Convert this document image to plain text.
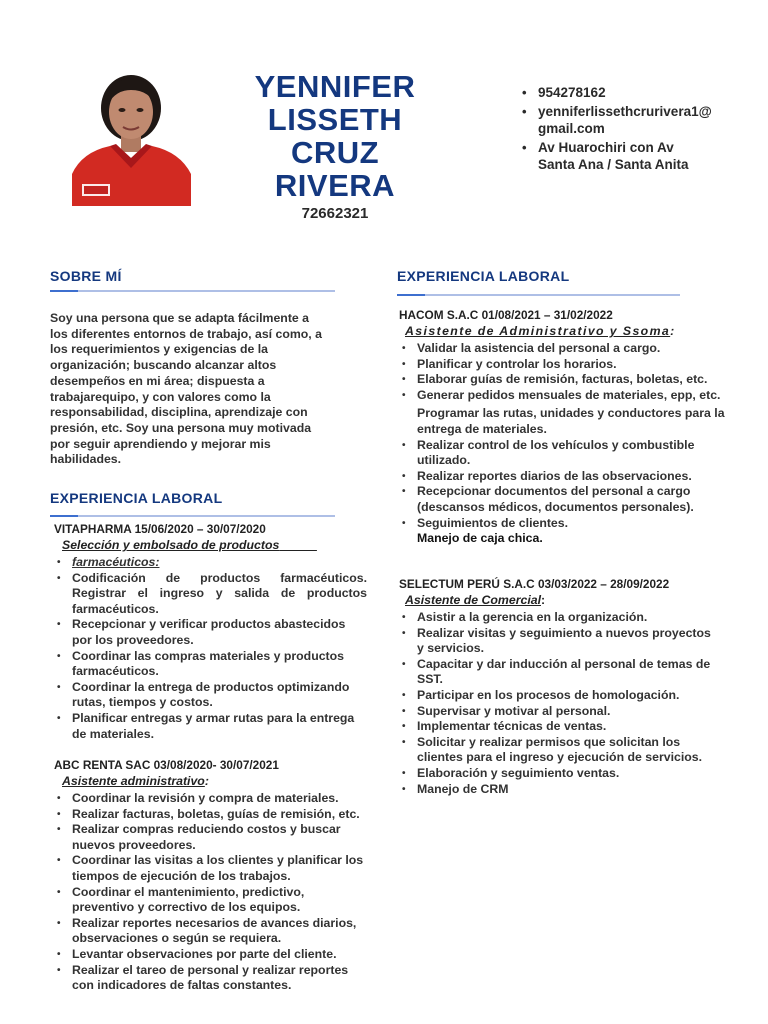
YENNIFER
LISSETH
CRUZ
RIVERA
72662321
• 954278162
• yenniferlissethcrurivera1@ gmail.com
• Av Huarochiri con Av Santa Ana / Santa Anita
SOBRE MÍ
Soy una persona que se adapta fácilmente a los diferentes entornos de trabajo, así como, a los requerimientos y exigencias de la organización; buscando alcanzar altos desempeños en mi área; dispuesta a trabajarequipo, y con valores como la responsabilidad, disciplina, aprendizaje con presión, etc. Soy una persona muy motivada por seguir aprendiendo y mejorar mis habilidades.
EXPERIENCIA LABORAL
VITAPHARMA 15/06/2020 – 30/07/2020
Selección y embolsado de productos
• farmacéuticos:
• Codificación de productos farmacéuticos. Registrar el ingreso y salida de productos farmacéuticos.
• Recepcionar y verificar productos abastecidos por los proveedores.
• Coordinar las compras materiales y productos farmacéuticos.
• Coordinar la entrega de productos optimizando rutas, tiempos y costos.
• Planificar entregas y armar rutas para la entrega de materiales.
ABC RENTA SAC 03/08/2020- 30/07/2021
Asistente administrativo:
• Coordinar la revisión y compra de materiales.
• Realizar facturas, boletas, guías de remisión, etc.
• Realizar compras reduciendo costos y buscar nuevos proveedores.
• Coordinar las visitas a los clientes y planificar los tiempos de ejecución de los trabajos.
• Coordinar el mantenimiento, predictivo, preventivo y correctivo de los equipos.
• Realizar reportes necesarios de avances diarios, observaciones o según se requiera.
• Levantar observaciones por parte del cliente.
• Realizar el tareo de personal y realizar reportes con indicadores de faltas constantes.
EXPERIENCIA LABORAL
HACOM S.A.C 01/08/2021 – 31/02/2022
Asistente de Administrativo y Ssoma:
• Validar la asistencia del personal a cargo.
• Planificar y controlar los horarios.
• Elaborar guías de remisión, facturas, boletas, etc.
• Generar pedidos mensuales de materiales, epp, etc.
Programar las rutas, unidades y conductores para la entrega de materiales.
• Realizar control de los vehículos y combustible utilizado.
• Realizar reportes diarios de las observaciones.
• Recepcionar documentos del personal a cargo (descansos médicos, documentos personales).
• Seguimientos de clientes.
Manejo de caja chica.
SELECTUM PERÚ S.A.C 03/03/2022 – 28/09/2022
Asistente de Comercial:
• Asistir a la gerencia en la organización.
• Realizar visitas y seguimiento a nuevos proyectos y servicios.
• Capacitar y dar inducción al personal de temas de SST.
• Participar en los procesos de homologación.
• Supervisar y motivar al personal.
• Implementar técnicas de ventas.
• Solicitar y realizar permisos que solicitan los clientes para el ingreso y ejecución de servicios.
• Elaboración y seguimiento ventas.
• Manejo de CRM
